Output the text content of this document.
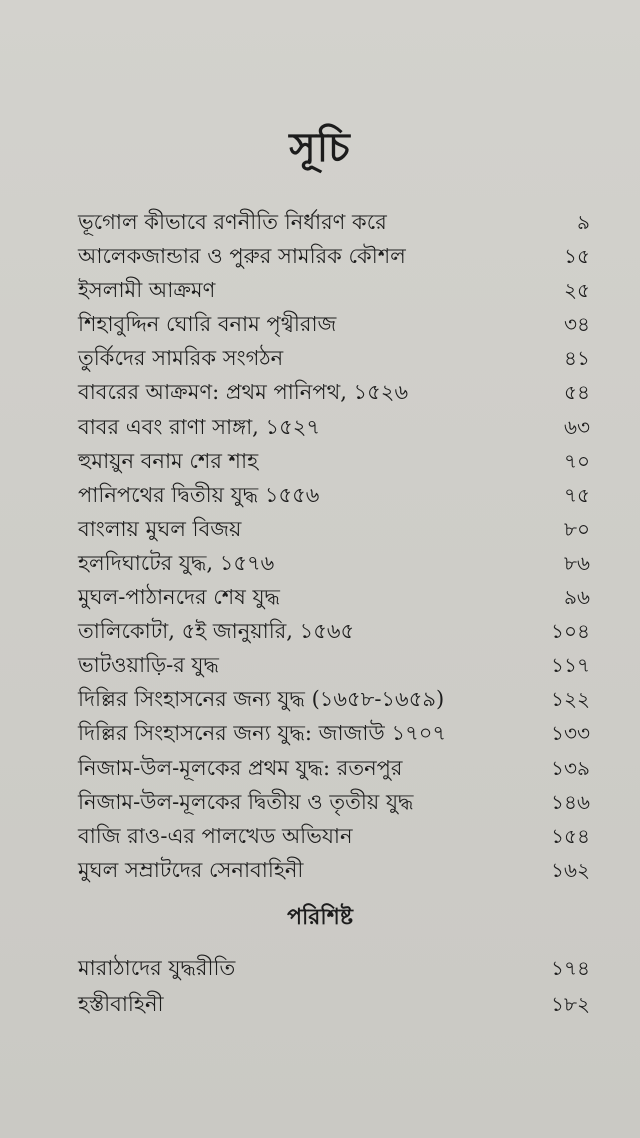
সূচি
ভূগোল কীভাবে রণনীতি নির্ধারণ করে	৯
আলেকজান্ডার ও পুরুর সামরিক কৌশল	১৫
ইসলামী আক্রমণ	২৫
শিহাবুদ্দিন ঘোরি বনাম পৃথ্বীরাজ	৩৪
তুর্কিদের সামরিক সংগঠন	৪১
বাবরের আক্রমণ: প্রথম পানিপথ, ১৫২৬	৫৪
বাবর এবং রাণা সাঙ্গা, ১৫২৭	৬৩
হুমায়ুন বনাম শের শাহ	৭০
পানিপথের দ্বিতীয় যুদ্ধ ১৫৫৬	৭৫
বাংলায় মুঘল বিজয়	৮০
হলদিঘাটের যুদ্ধ, ১৫৭৬	৮৬
মুঘল-পাঠানদের শেষ যুদ্ধ	৯৬
তালিকোটা, ৫ই জানুয়ারি, ১৫৬৫	১০৪
ভাটওয়াড়ি-র যুদ্ধ	১১৭
দিল্লির সিংহাসনের জন্য যুদ্ধ (১৬৫৮-১৬৫৯)	১২২
দিল্লির সিংহাসনের জন্য যুদ্ধ: জাজাউ ১৭০৭	১৩৩
নিজাম-উল-মূলকের প্রথম যুদ্ধ: রতনপুর	১৩৯
নিজাম-উল-মূলকের দ্বিতীয় ও তৃতীয় যুদ্ধ	১৪৬
বাজি রাও-এর পালখেড অভিযান	১৫৪
মুঘল সম্রাটদের সেনাবাহিনী	১৬২
পরিশিষ্ট
মারাঠাদের যুদ্ধরীতি	১৭৪
হস্তীবাহিনী	১৮২
